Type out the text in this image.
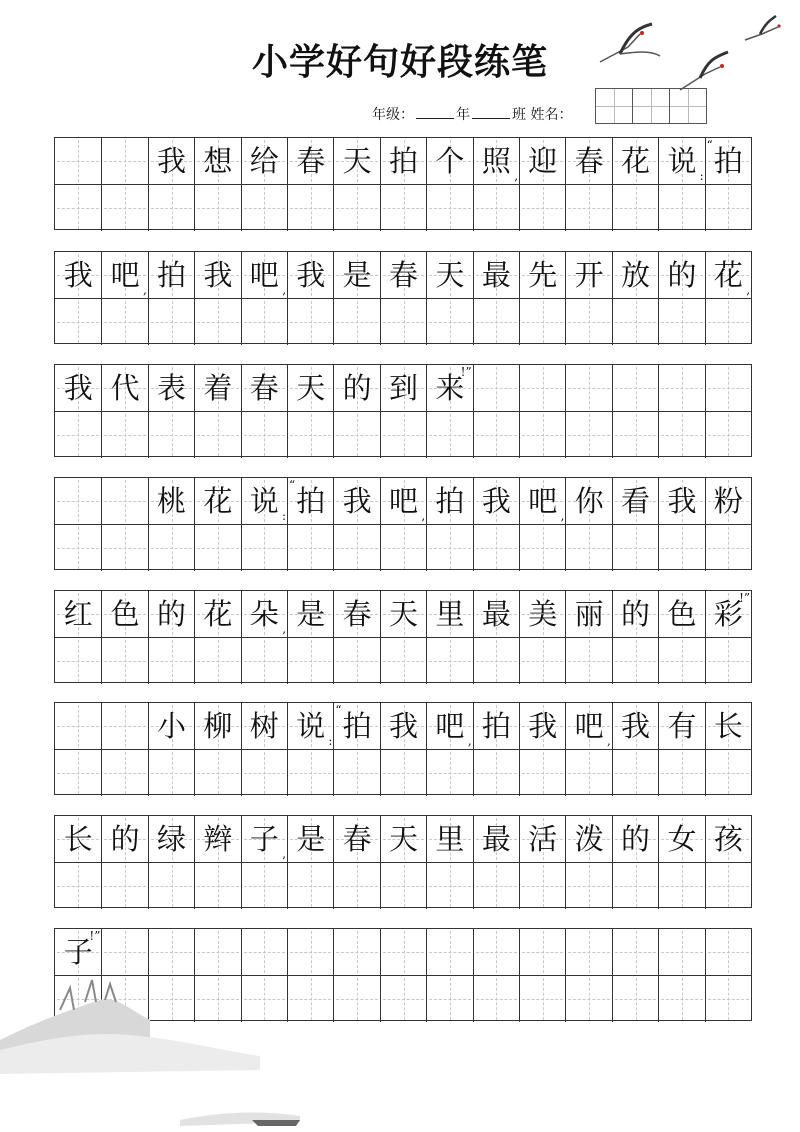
小学好句好段练笔
年级：	年	班 姓名：
我 想 给 春 天 拍 个 照 , 迎 春 花 说 : 拍
“
我 吧 , 拍 我 吧 , 我 是 春 天 最 先 开 放 的 花 ,
我 代 表 着 春 天 的 到 来
!”
桃 花 说 : 拍
“ 我 吧 , 拍 我 吧 , 你 看 我 粉
红 色 的 花 朵 , 是 春 天 里 最 美 丽 的 色 彩
!”
小 柳 树 说 : 拍
“ 我 吧 , 拍 我 吧 , 我 有 长
长 的 绿 辫 子 , 是 春 天 里 最 活 泼 的 女 孩
子
!”
